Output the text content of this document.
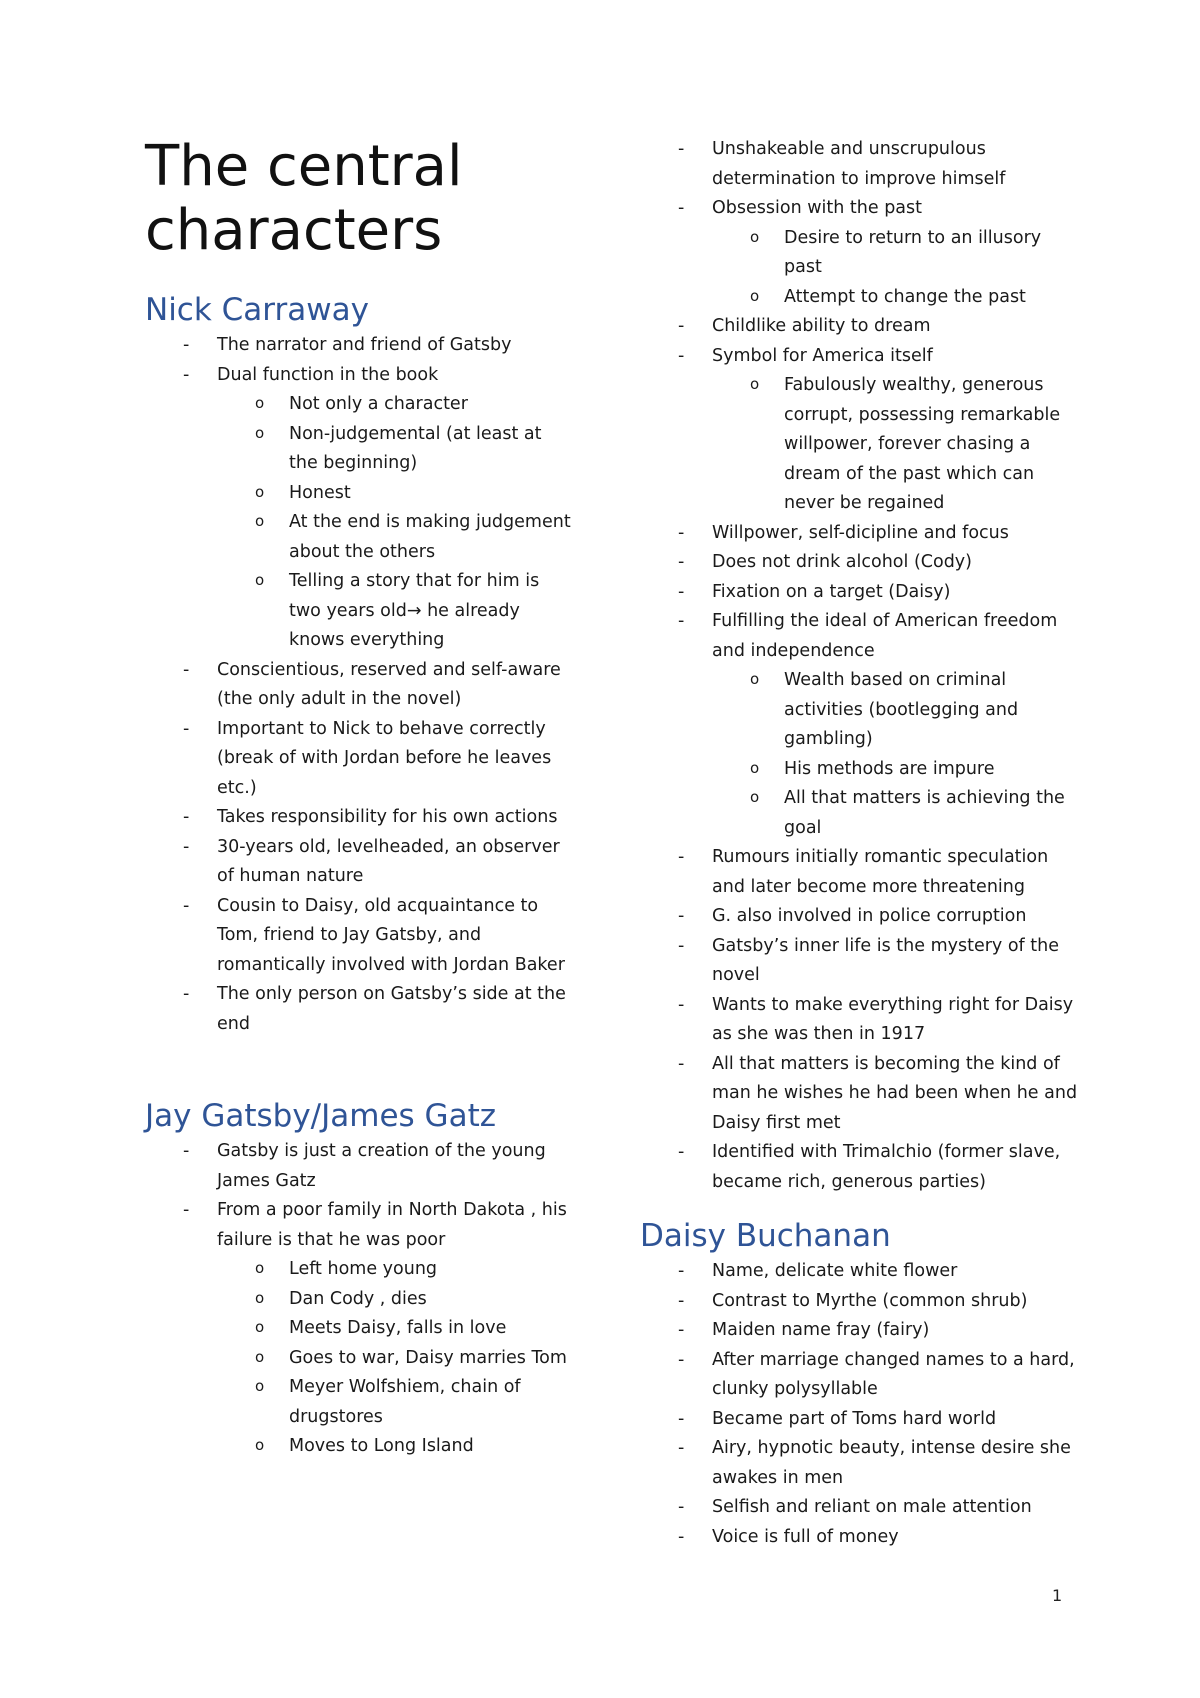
The central characters
Nick Carraway
- The narrator and friend of Gatsby
- Dual function in the book
o Not only a character
o Non-judgemental (at least at the beginning)
o Honest
o At the end is making judgement about the others
o Telling a story that for him is two years old→ he already knows everything
- Conscientious, reserved and self-aware (the only adult in the novel)
- Important to Nick to behave correctly (break of with Jordan before he leaves etc.)
- Takes responsibility for his own actions
- 30-years old, levelheaded, an observer of human nature
- Cousin to Daisy, old acquaintance to Tom, friend to Jay Gatsby, and romantically involved with Jordan Baker
- The only person on Gatsby’s side at the end
Jay Gatsby/James Gatz
- Gatsby is just a creation of the young James Gatz
- From a poor family in North Dakota , his failure is that he was poor
o Left home young
o Dan Cody , dies
o Meets Daisy, falls in love
o Goes to war, Daisy marries Tom
o Meyer Wolfshiem, chain of drugstores
o Moves to Long Island
- Unshakeable and unscrupulous determination to improve himself
- Obsession with the past
o Desire to return to an illusory past
o Attempt to change the past
- Childlike ability to dream
- Symbol for America itself
o Fabulously wealthy, generous corrupt, possessing remarkable willpower, forever chasing a dream of the past which can never be regained
- Willpower, self-dicipline and focus
- Does not drink alcohol (Cody)
- Fixation on a target (Daisy)
- Fulfilling the ideal of American freedom and independence
o Wealth based on criminal activities (bootlegging and gambling)
o His methods are impure
o All that matters is achieving the goal
- Rumours initially romantic speculation and later become more threatening
- G. also involved in police corruption
- Gatsby’s inner life is the mystery of the novel
- Wants to make everything right for Daisy as she was then in 1917
- All that matters is becoming the kind of man he wishes he had been when he and Daisy first met
- Identified with Trimalchio (former slave, became rich, generous parties)
Daisy Buchanan
- Name, delicate white flower
- Contrast to Myrthe (common shrub)
- Maiden name fray (fairy)
- After marriage changed names to a hard, clunky polysyllable
- Became part of Toms hard world
- Airy, hypnotic beauty, intense desire she awakes in men
- Selfish and reliant on male attention
- Voice is full of money
1
